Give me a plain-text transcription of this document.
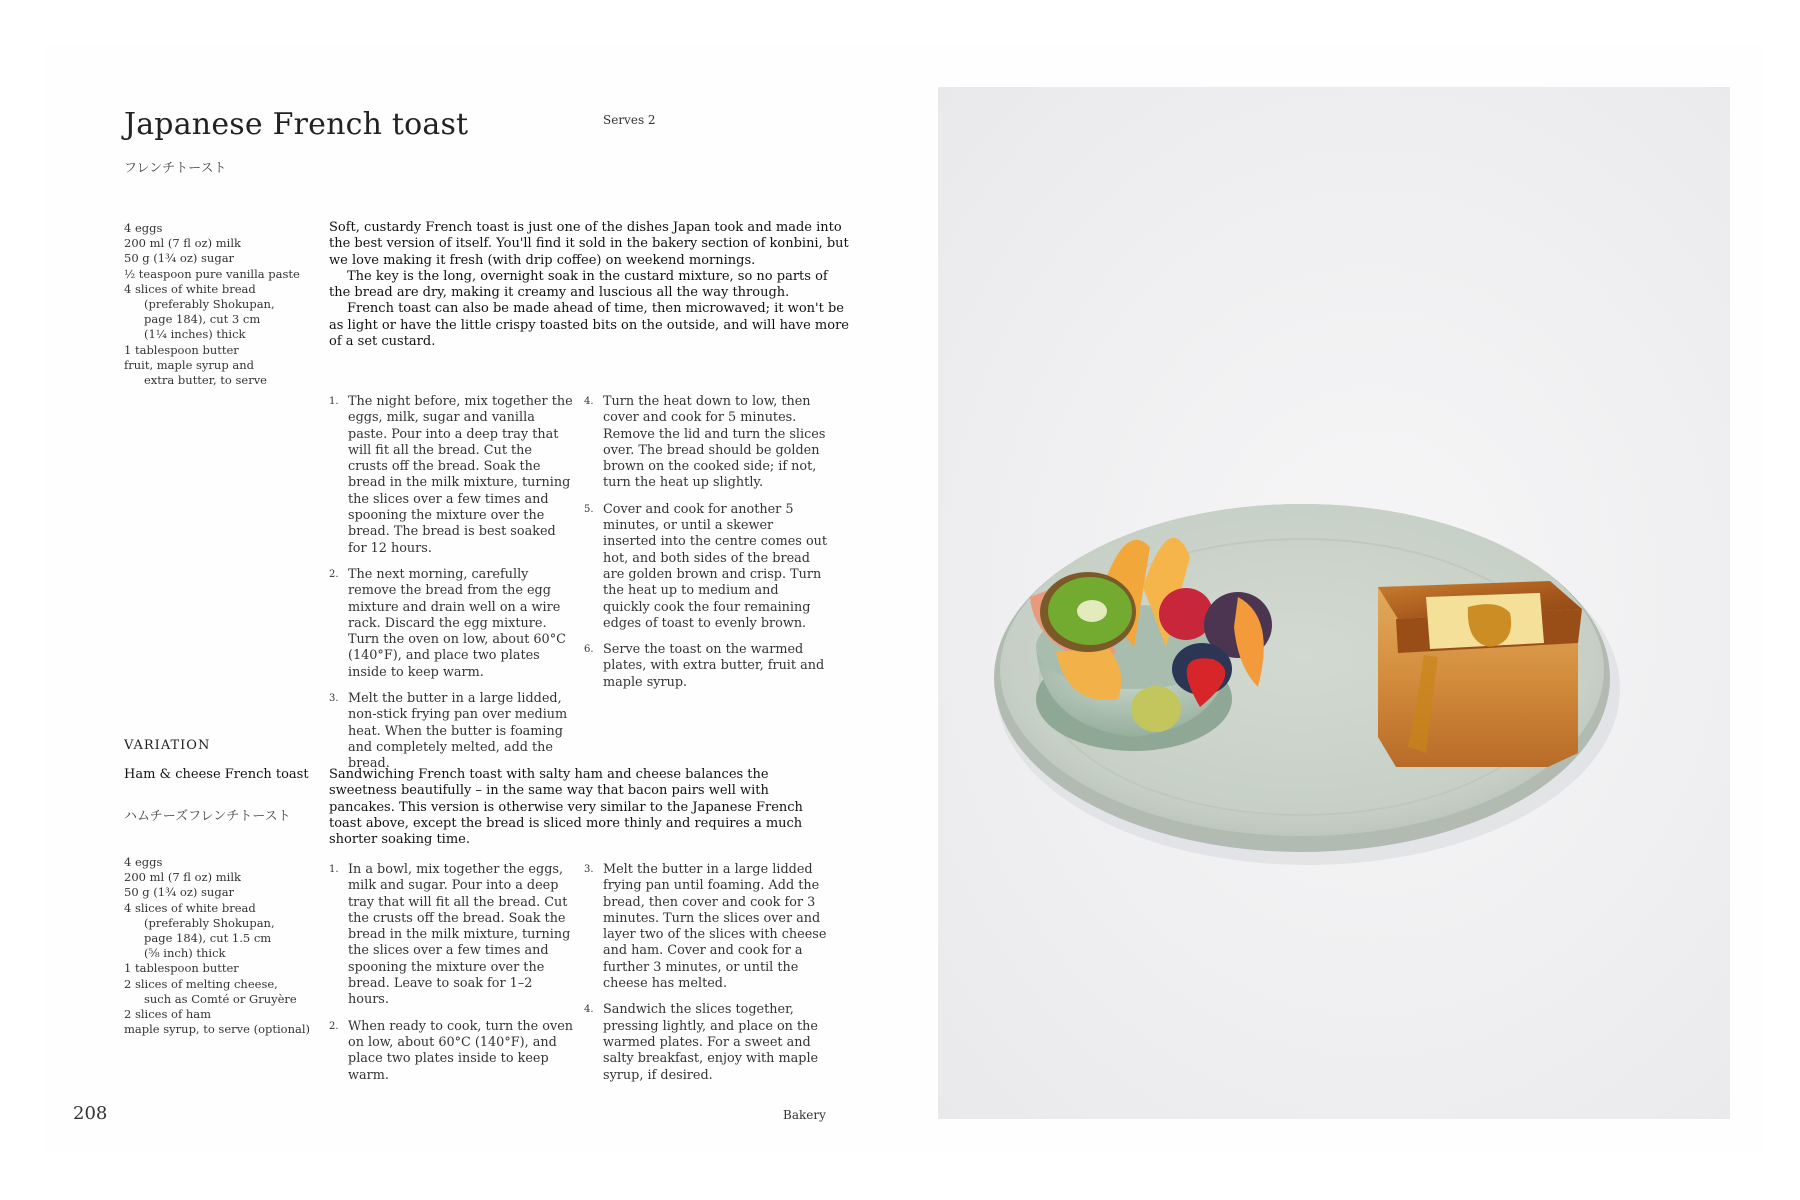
Japanese French toast
フレンチトースト
Serves 2
4 eggs
200 ml (7 fl oz) milk
50 g (1¾ oz) sugar
½ teaspoon pure vanilla paste
4 slices of white bread
(preferably Shokupan,
page 184), cut 3 cm
(1¼ inches) thick
1 tablespoon butter
fruit, maple syrup and
extra butter, to serve

Soft, custardy French toast is just one of the dishes Japan took and made into the best version of itself. You'll find it sold in the bakery section of konbini, but we love making it fresh (with drip coffee) on weekend mornings.

The key is the long, overnight soak in the custard mixture, so no parts of the bread are dry, making it creamy and luscious all the way through.

French toast can also be made ahead of time, then microwaved; it won't be as light or have the little crispy toasted bits on the outside, and will have more of a set custard.

1. The night before, mix together the eggs, milk, sugar and vanilla paste. Pour into a deep tray that will fit all the bread. Cut the crusts off the bread. Soak the bread in the milk mixture, turning the slices over a few times and spooning the mixture over the bread. The bread is best soaked for 12 hours.
2. The next morning, carefully remove the bread from the egg mixture and drain well on a wire rack. Discard the egg mixture. Turn the oven on low, about 60°C (140°F), and place two plates inside to keep warm.
3. Melt the butter in a large lidded, non-stick frying pan over medium heat. When the butter is foaming and completely melted, add the bread.
4. Turn the heat down to low, then cover and cook for 5 minutes. Remove the lid and turn the slices over. The bread should be golden brown on the cooked side; if not, turn the heat up slightly.
5. Cover and cook for another 5 minutes, or until a skewer inserted into the centre comes out hot, and both sides of the bread are golden brown and crisp. Turn the heat up to medium and quickly cook the four remaining edges of toast to evenly brown.
6. Serve the toast on the warmed plates, with extra butter, fruit and maple syrup.
VARIATION
Ham & cheese French toast
ハムチーズフレンチトースト

Sandwiching French toast with salty ham and cheese balances the sweetness beautifully – in the same way that bacon pairs well with pancakes. This version is otherwise very similar to the Japanese French toast above, except the bread is sliced more thinly and requires a much shorter soaking time.

4 eggs
200 ml (7 fl oz) milk
50 g (1¾ oz) sugar
4 slices of white bread
(preferably Shokupan,
page 184), cut 1.5 cm
(⅝ inch) thick
1 tablespoon butter
2 slices of melting cheese,
such as Comté or Gruyère
2 slices of ham
maple syrup, to serve (optional)
1. In a bowl, mix together the eggs, milk and sugar. Pour into a deep tray that will fit all the bread. Cut the crusts off the bread. Soak the bread in the milk mixture, turning the slices over a few times and spooning the mixture over the bread. Leave to soak for 1–2 hours.
2. When ready to cook, turn the oven on low, about 60°C (140°F), and place two plates inside to keep warm.
3. Melt the butter in a large lidded frying pan until foaming. Add the bread, then cover and cook for 3 minutes. Turn the slices over and layer two of the slices with cheese and ham. Cover and cook for a further 3 minutes, or until the cheese has melted.
4. Sandwich the slices together, pressing lightly, and place on the warmed plates. For a sweet and salty breakfast, enjoy with maple syrup, if desired.
208	Bakery
